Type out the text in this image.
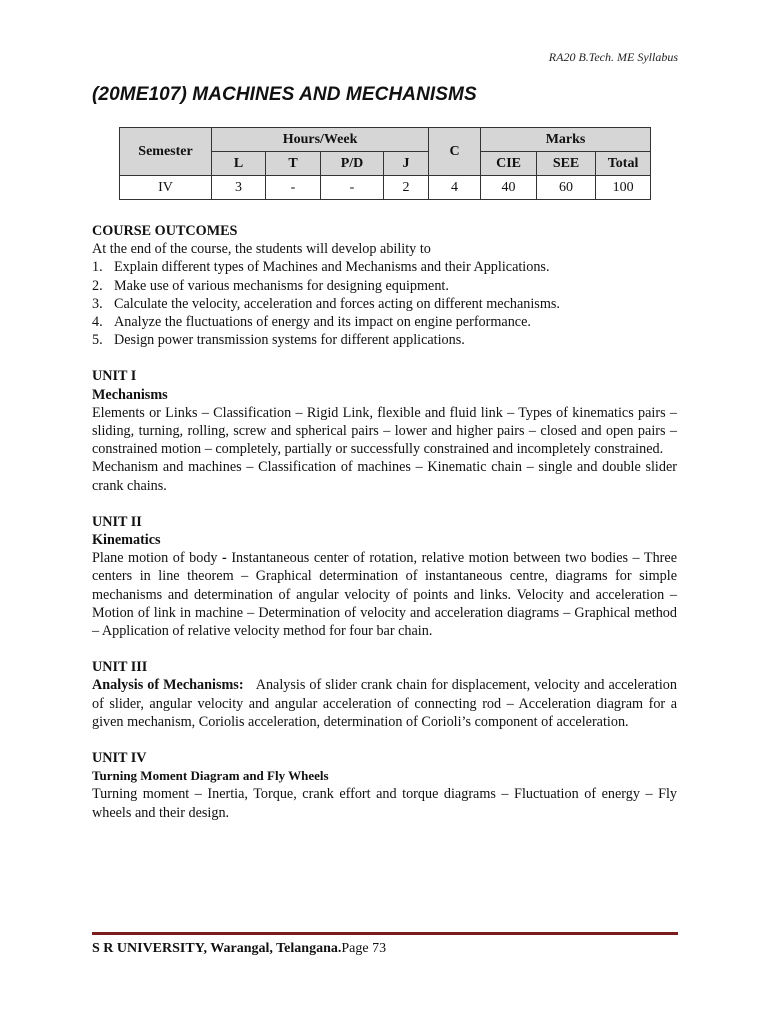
RA20 B.Tech. ME Syllabus
(20ME107) MACHINES AND MECHANISMS
Semester	Hours/Week				C	Marks		
	L	T	P/D	J		CIE	SEE	Total
IV	3	-	-	2	4	40	60	100
COURSE OUTCOMES
At the end of the course, the students will develop ability to
1. Explain different types of Machines and Mechanisms and their Applications.
2. Make use of various mechanisms for designing equipment.
3. Calculate the velocity, acceleration and forces acting on different mechanisms.
4. Analyze the fluctuations of energy and its impact on engine performance.
5. Design power transmission systems for different applications.
UNIT I
Mechanisms

Elements or Links – Classification – Rigid Link, flexible and fluid link – Types of kinematics pairs – sliding, turning, rolling, screw and spherical pairs – lower and higher pairs – closed and open pairs – constrained motion – completely, partially or successfully constrained and incompletely constrained.

Mechanism and machines – Classification of machines – Kinematic chain – single and double slider crank chains.

UNIT II
Kinematics

Plane motion of body - Instantaneous center of rotation, relative motion between two bodies – Three centers in line theorem – Graphical determination of instantaneous centre, diagrams for simple mechanisms and determination of angular velocity of points and links. Velocity and acceleration – Motion of link in machine – Determination of velocity and acceleration diagrams – Graphical method – Application of relative velocity method for four bar chain.

UNIT III

Analysis of Mechanisms: Analysis of slider crank chain for displacement, velocity and acceleration of slider, angular velocity and angular acceleration of connecting rod – Acceleration diagram for a given mechanism, Coriolis acceleration, determination of Corioli’s component of acceleration.

UNIT IV
Turning Moment Diagram and Fly Wheels

Turning moment – Inertia, Torque, crank effort and torque diagrams – Fluctuation of energy – Fly wheels and their design.

S R UNIVERSITY, Warangal, Telangana.Page 73
